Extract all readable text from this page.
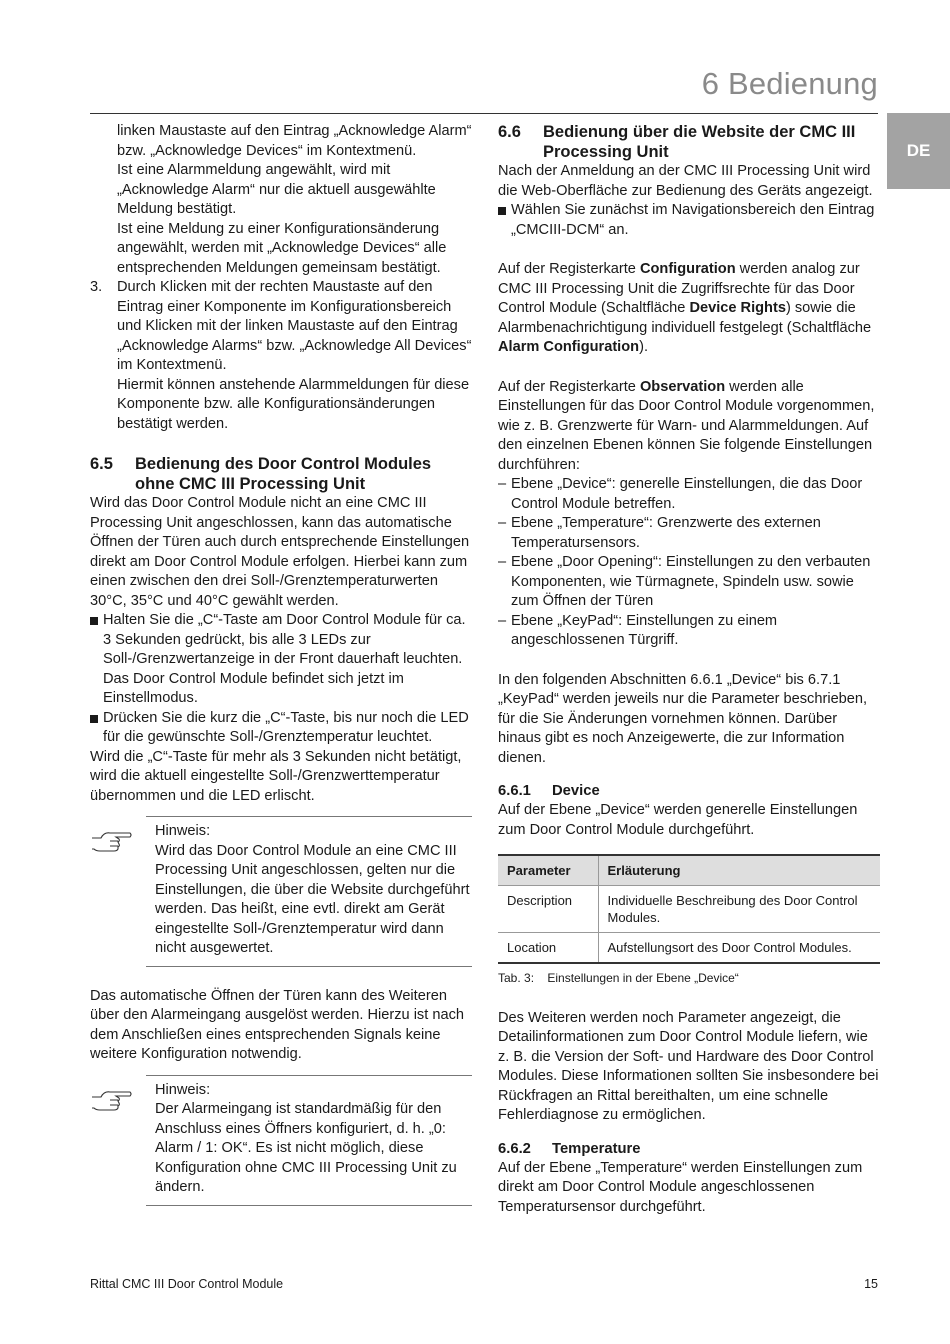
6 Bedienung
DE

linken Maustaste auf den Eintrag „Acknowledge Alarm“ bzw. „Acknowledge Devices“ im Kontextmenü.

Ist eine Alarmmeldung angewählt, wird mit „Acknowledge Alarm“ nur die aktuell ausgewählte Meldung bestätigt.

Ist eine Meldung zu einer Konfigurationsänderung angewählt, werden mit „Acknowledge Devices“ alle entsprechenden Meldungen gemeinsam bestätigt.

3.	Durch Klicken mit der rechten Maustaste auf den Eintrag einer Komponente im Konfigurationsbereich und Klicken mit der linken Maustaste auf den Eintrag „Acknowledge Alarms“ bzw. „Acknowledge All Devices“ im Kontextmenü.

Hiermit können anstehende Alarmmeldungen für diese Komponente bzw. alle Konfigurationsänderungen bestätigt werden.

6.5	Bedienung des Door Control Modules ohne CMC III Processing Unit

Wird das Door Control Module nicht an eine CMC III Processing Unit angeschlossen, kann das automatische Öffnen der Türen auch durch entsprechende Einstellungen direkt am Door Control Module erfolgen. Hierbei kann zum einen zwischen den drei Soll-/Grenztemperaturwerten 30°C, 35°C und 40°C gewählt werden.

Halten Sie die „C“-Taste am Door Control Module für ca. 3 Sekunden gedrückt, bis alle 3 LEDs zur Soll-/Grenzwertanzeige in der Front dauerhaft leuchten. Das Door Control Module befindet sich jetzt im Einstellmodus.
Drücken Sie die kurz die „C“-Taste, bis nur noch die LED für die gewünschte Soll-/Grenztemperatur leuchtet.

Wird die „C“-Taste für mehr als 3 Sekunden nicht betätigt, wird die aktuell eingestellte Soll-/Grenzwerttemperatur übernommen und die LED erlischt.

Hinweis:

Wird das Door Control Module an eine CMC III Processing Unit angeschlossen, gelten nur die Einstellungen, die über die Website durchgeführt werden. Das heißt, eine evtl. direkt am Gerät eingestellte Soll-/Grenztemperatur wird dann nicht ausgewertet.

Das automatische Öffnen der Türen kann des Weiteren über den Alarmeingang ausgelöst werden. Hierzu ist nach dem Anschließen eines entsprechenden Signals keine weitere Konfiguration notwendig.

Hinweis:

Der Alarmeingang ist standardmäßig für den Anschluss eines Öffners konfiguriert, d. h. „0: Alarm / 1: OK“. Es ist nicht möglich, diese Konfiguration ohne CMC III Processing Unit zu ändern.

6.6	Bedienung über die Website der CMC III Processing Unit

Nach der Anmeldung an der CMC III Processing Unit wird die Web-Oberfläche zur Bedienung des Geräts angezeigt.

Wählen Sie zunächst im Navigationsbereich den Eintrag „CMCIII-DCM“ an.

Auf der Registerkarte Configuration werden analog zur CMC III Processing Unit die Zugriffsrechte für das Door Control Module (Schaltfläche Device Rights) sowie die Alarmbenachrichtigung individuell festgelegt (Schaltfläche Alarm Configuration).

Auf der Registerkarte Observation werden alle Einstellungen für das Door Control Module vorgenommen, wie z. B. Grenzwerte für Warn- und Alarmmeldungen. Auf den einzelnen Ebenen können Sie folgende Einstellungen durchführen:

– Ebene „Device“: generelle Einstellungen, die das Door Control Module betreffen.
– Ebene „Temperature“: Grenzwerte des externen Temperatursensors.
– Ebene „Door Opening“: Einstellungen zu den verbauten Komponenten, wie Türmagnete, Spindeln usw. sowie zum Öffnen der Türen
– Ebene „KeyPad“: Einstellungen zu einem angeschlossenen Türgriff.

In den folgenden Abschnitten 6.6.1 „Device“ bis 6.7.1 „KeyPad“ werden jeweils nur die Parameter beschrieben, für die Sie Änderungen vornehmen können. Darüber hinaus gibt es noch Anzeigewerte, die zur Information dienen.

6.6.1	Device

Auf der Ebene „Device“ werden generelle Einstellungen zum Door Control Module durchgeführt.

Parameter	Erläuterung
Description	Individuelle Beschreibung des Door Control Modules.
Location	Aufstellungsort des Door Control Modules.
Tab. 3:    Einstellungen in der Ebene „Device“

Des Weiteren werden noch Parameter angezeigt, die Detailinformationen zum Door Control Module liefern, wie z. B. die Version der Soft- und Hardware des Door Control Modules. Diese Informationen sollten Sie insbesondere bei Rückfragen an Rittal bereithalten, um eine schnelle Fehlerdiagnose zu ermöglichen.

6.6.2	Temperature

Auf der Ebene „Temperature“ werden Einstellungen zum direkt am Door Control Module angeschlossenen Temperatursensor durchgeführt.

Rittal CMC III Door Control Module	15
